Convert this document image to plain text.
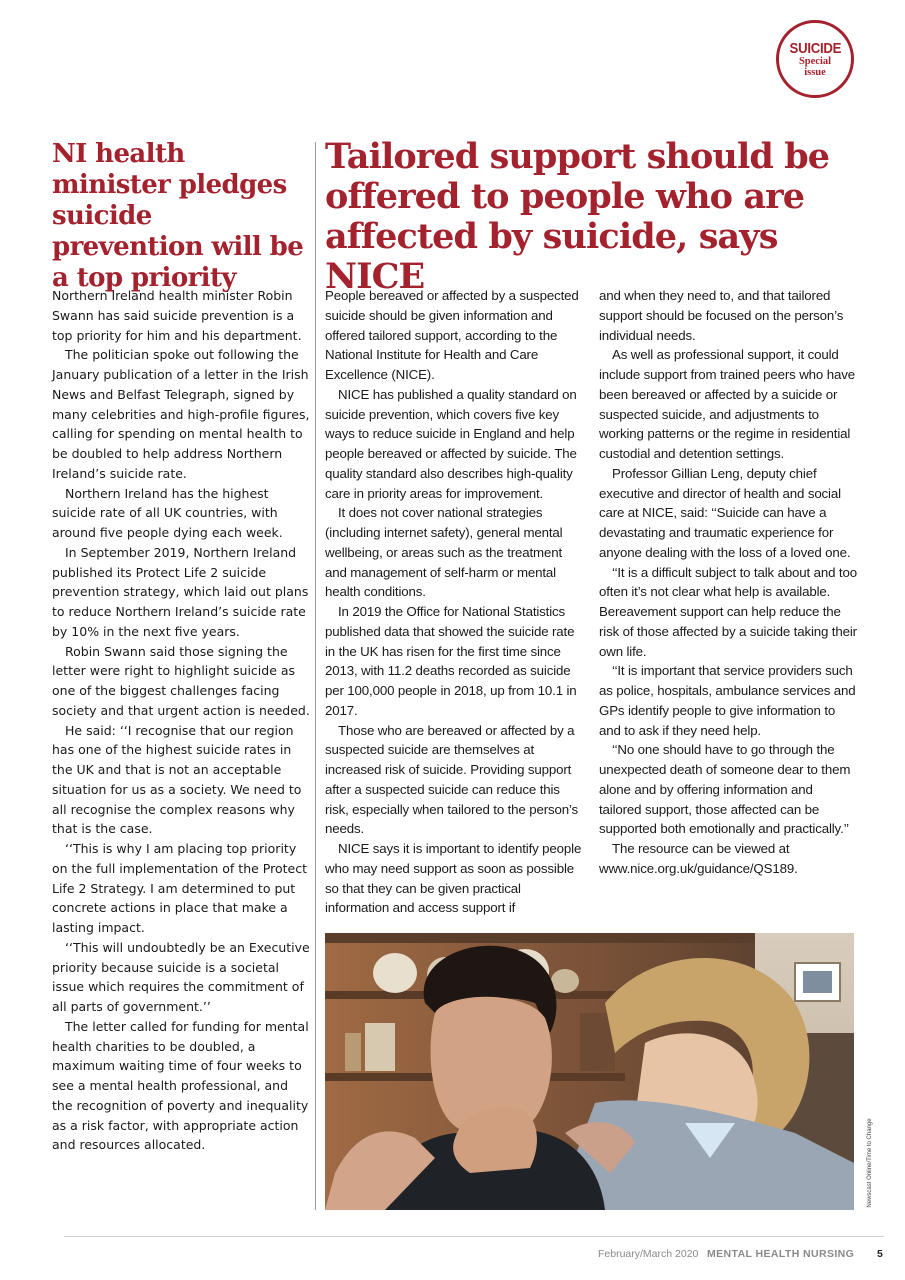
SUICIDE
Special
issue
NI health minister pledges suicide prevention will be a top priority
Tailored support should be offered to people who are affected by suicide, says NICE

Northern Ireland health minister Robin Swann has said suicide prevention is a top priority for him and his department.

The politician spoke out following the January publication of a letter in the Irish News and Belfast Telegraph, signed by many celebrities and high-profile figures, calling for spending on mental health to be doubled to help address Northern Ireland’s suicide rate.

Northern Ireland has the highest suicide rate of all UK countries, with around five people dying each week.

In September 2019, Northern Ireland published its Protect Life 2 suicide prevention strategy, which laid out plans to reduce Northern Ireland’s suicide rate by 10% in the next five years.

Robin Swann said those signing the letter were right to highlight suicide as one of the biggest challenges facing society and that urgent action is needed.

He said: ‘‘I recognise that our region has one of the highest suicide rates in the UK and that is not an acceptable situation for us as a society. We need to all recognise the complex reasons why that is the case.

‘‘This is why I am placing top priority on the full implementation of the Protect Life 2 Strategy. I am determined to put concrete actions in place that make a lasting impact.

‘‘This will undoubtedly be an Executive priority because suicide is a societal issue which requires the commitment of all parts of government.’’

The letter called for funding for mental health charities to be doubled, a maximum waiting time of four weeks to see a mental health professional, and the recognition of poverty and inequality as a risk factor, with appropriate action and resources allocated.

People bereaved or affected by a suspected suicide should be given information and offered tailored support, according to the National Institute for Health and Care Excellence (NICE).

NICE has published a quality standard on suicide prevention, which covers five key ways to reduce suicide in England and help people bereaved or affected by suicide. The quality standard also describes high-quality care in priority areas for improvement.

It does not cover national strategies (including internet safety), general mental wellbeing, or areas such as the treatment and management of self-harm or mental health conditions.

In 2019 the Office for National Statistics published data that showed the suicide rate in the UK has risen for the first time since 2013, with 11.2 deaths recorded as suicide per 100,000 people in 2018, up from 10.1 in 2017.

Those who are bereaved or affected by a suspected suicide are themselves at increased risk of suicide. Providing support after a suspected suicide can reduce this risk, especially when tailored to the person’s needs.

NICE says it is important to identify people who may need support as soon as possible so that they can be given practical information and access support if

and when they need to, and that tailored support should be focused on the person’s individual needs.

As well as professional support, it could include support from trained peers who have been bereaved or affected by a suicide or suspected suicide, and adjustments to working patterns or the regime in residential custodial and detention settings.

Professor Gillian Leng, deputy chief executive and director of health and social care at NICE, said: ‘‘Suicide can have a devastating and traumatic experience for anyone dealing with the loss of a loved one.

‘‘It is a difficult subject to talk about and too often it’s not clear what help is available. Bereavement support can help reduce the risk of those affected by a suicide taking their own life.

‘‘It is important that service providers such as police, hospitals, ambulance services and GPs identify people to give information to and to ask if they need help.

‘‘No one should have to go through the unexpected death of someone dear to them alone and by offering information and tailored support, those affected can be supported both emotionally and practically.’’

The resource can be viewed at www.nice.org.uk/guidance/QS189.

Newscast Online/Time to Change
February/March 2020 MENTAL HEALTH NURSING 5
